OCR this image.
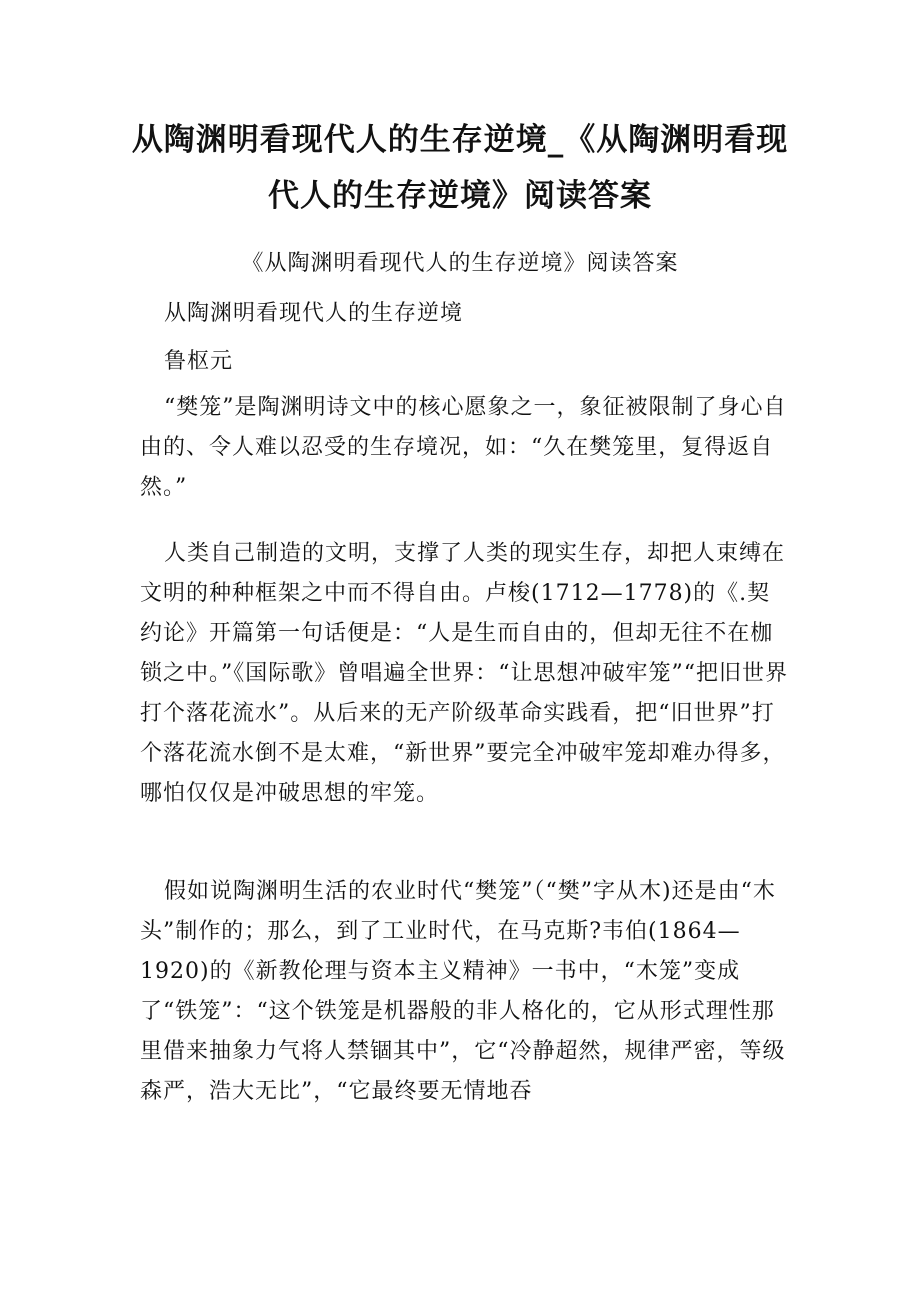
从陶渊明看现代人的生存逆境_《从陶渊明看现代人的生存逆境》阅读答案

《从陶渊明看现代人的生存逆境》阅读答案

从陶渊明看现代人的生存逆境

鲁枢元

“樊笼”是陶渊明诗文中的核心愿象之一，象征被限制了身心自由的、令人难以忍受的生存境况，如：“久在樊笼里，复得返自然。”

人类自己制造的文明，支撑了人类的现实生存，却把人束缚在文明的种种框架之中而不得自由。卢梭(1712—1778)的《.契约论》开篇第一句话便是：“人是生而自由的，但却无往不在枷锁之中。”《国际歌》曾唱遍全世界：“让思想冲破牢笼”“把旧世界打个落花流水”。从后来的无产阶级革命实践看，把“旧世界”打个落花流水倒不是太难，“新世界”要完全冲破牢笼却难办得多，哪怕仅仅是冲破思想的牢笼。

假如说陶渊明生活的农业时代“樊笼”（“樊”字从木)还是由“木头”制作的；那么，到了工业时代，在马克斯?韦伯(1864—1920)的《新教伦理与资本主义精神》一书中，“木笼”变成了“铁笼”：“这个铁笼是机器般的非人格化的，它从形式理性那里借来抽象力气将人禁锢其中”，它“冷静超然，规律严密，等级森严，浩大无比”，“它最终要无情地吞
